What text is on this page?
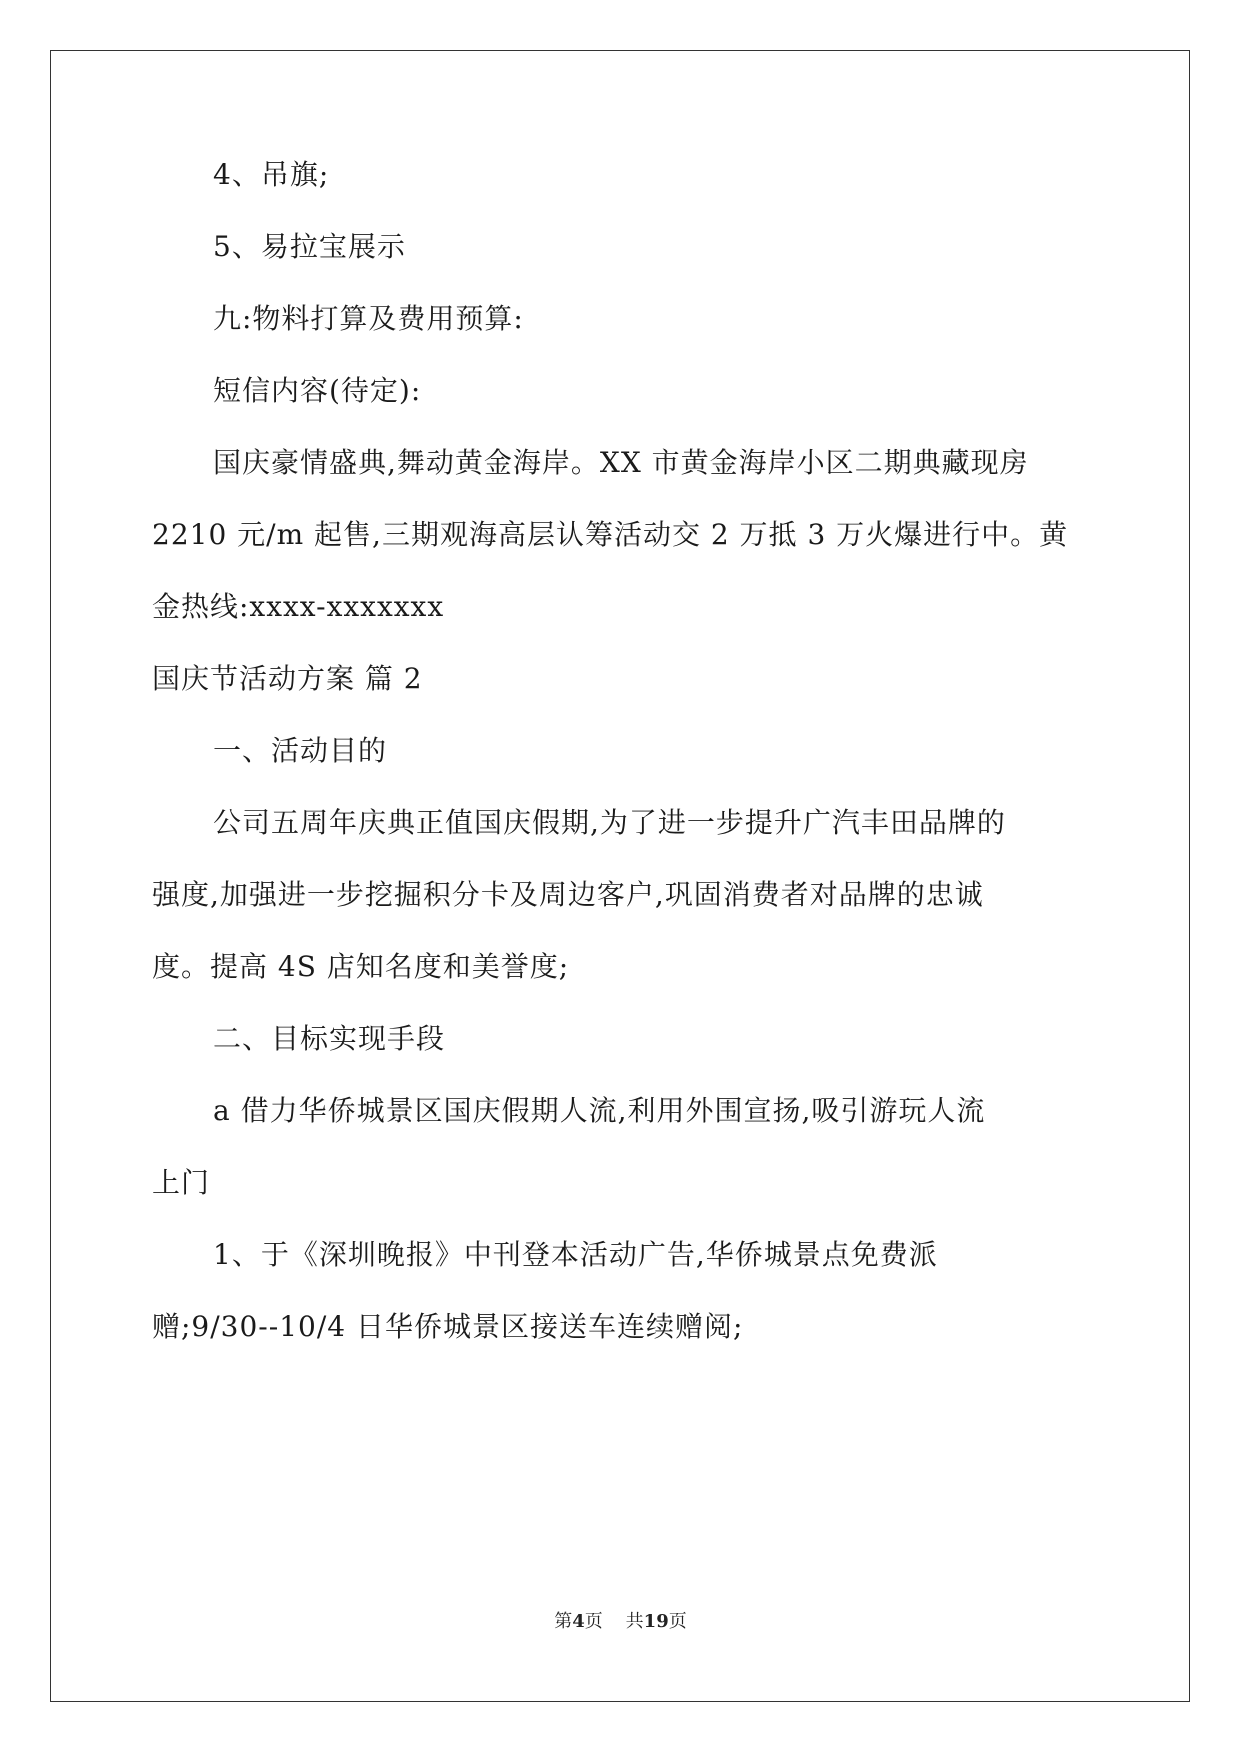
4、吊旗;
5、易拉宝展示
九:物料打算及费用预算:
短信内容(待定):
国庆豪情盛典,舞动黄金海岸。XX 市黄金海岸小区二期典藏现房
2210 元/m 起售,三期观海高层认筹活动交 2 万抵 3 万火爆进行中。黄
金热线:xxxx-xxxxxxx
国庆节活动方案 篇 2
一、活动目的
公司五周年庆典正值国庆假期,为了进一步提升广汽丰田品牌的
强度,加强进一步挖掘积分卡及周边客户,巩固消费者对品牌的忠诚
度。提高 4S 店知名度和美誉度;
二、目标实现手段
a 借力华侨城景区国庆假期人流,利用外围宣扬,吸引游玩人流
上门
1、于《深圳晚报》中刊登本活动广告,华侨城景点免费派
赠;9/30--10/4 日华侨城景区接送车连续赠阅;
第4页 共19页
